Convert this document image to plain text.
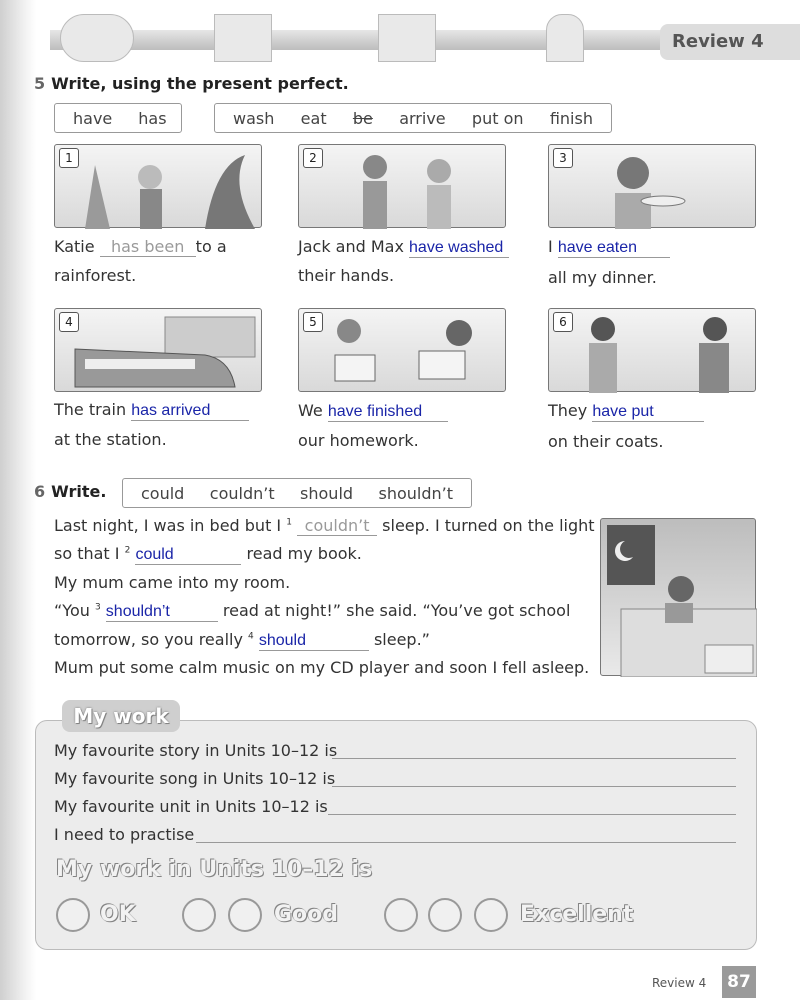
Review 4
5 Write, using the present perfect.
have has	wash eat be arrive put on finish
1	2	3
Katie has been to a
rainforest.
Jack and Max have washed
their hands.
I have eaten
all my dinner.
4	5	6
The train has arrived
at the station.
We have finished
our homework.
They have put
on their coats.
6 Write. could couldn’t should shouldn’t
Last night, I was in bed but I $^1$ couldn’t sleep. I turned on the light
so that I $^2$ could	read my book.
My mum came into my room.
“You $^3$ shouldn’t	read at night!” she said. “You’ve got school
tomorrow, so you really $^4$ should	sleep.”
Mum put some calm music on my CD player and soon I fell asleep.
My work
My favourite story in Units 10–12 is
My favourite song in Units 10–12 is
My favourite unit in Units 10–12 is
I need to practise
My work in Units 10–12 is
OK	Good	Excellent
Review 4	87
